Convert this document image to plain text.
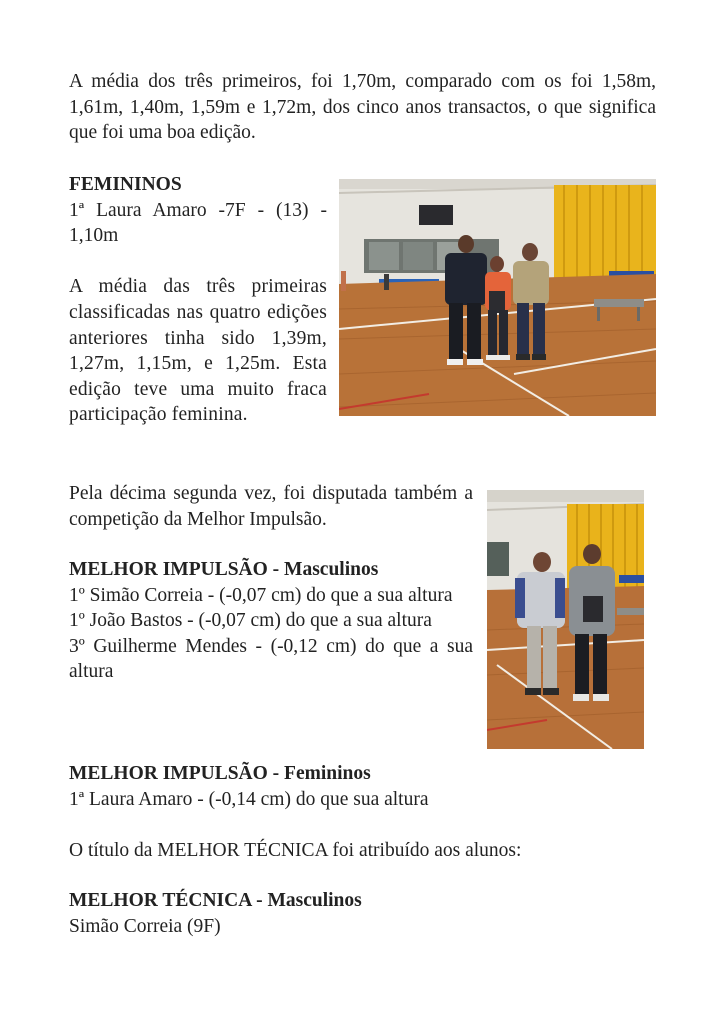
A média dos três primeiros, foi 1,70m, comparado com os foi 1,58m, 1,61m, 1,40m, 1,59m e 1,72m, dos cinco anos transactos, o que significa que foi uma boa edição.

FEMININOS

1ª Laura Amaro -7F - (13) - 1,10m

A média das três primeiras classificadas nas quatro edições anteriores tinha sido 1,39m, 1,27m, 1,15m, e 1,25m. Esta edição teve uma muito fraca participação feminina.

Pela décima segunda vez, foi disputada também a competição da Melhor Impulsão.

MELHOR IMPULSÃO - Masculinos

1º Simão Correia - (-0,07 cm) do que a sua altura

1º João Bastos - (-0,07 cm) do que a sua altura

3º Guilherme Mendes - (-0,12 cm) do que a sua altura

MELHOR IMPULSÃO - Femininos

1ª Laura Amaro - (-0,14 cm) do que sua altura

O título da MELHOR TÉCNICA foi atribuído aos alunos:

MELHOR TÉCNICA - Masculinos

Simão Correia (9F)
